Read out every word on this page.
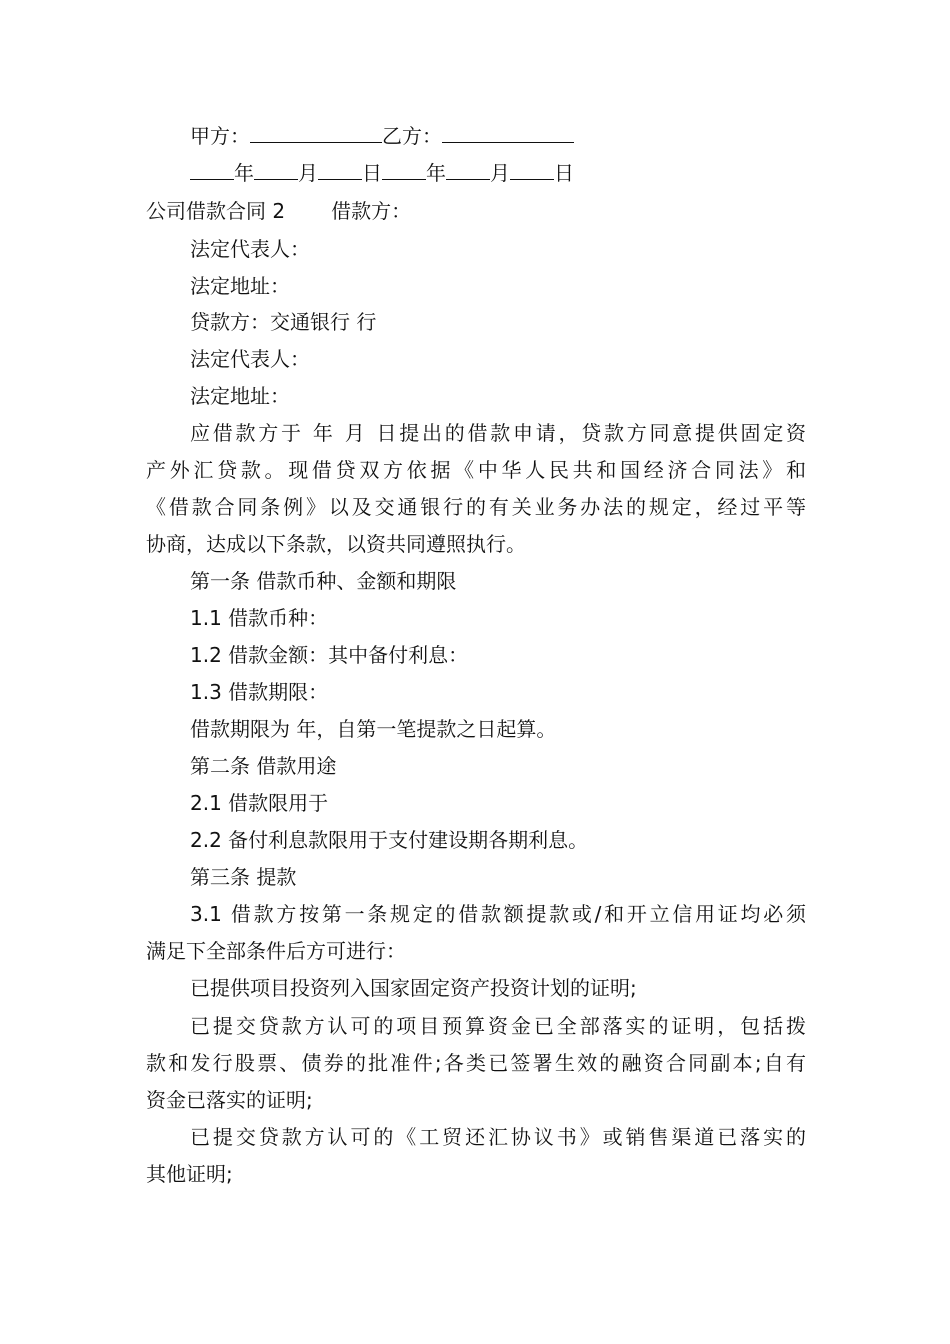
甲方：	乙方：
年 月 日 年 月 日
公司借款合同 2 借款方：
法定代表人：
法定地址：
贷款方：交通银行 行
法定代表人：
法定地址：
应借款方于 年 月 日提出的借款申请，贷款方同意提供固定资
产外汇贷款。现借贷双方依据《中华人民共和国经济合同法》和
《借款合同条例》以及交通银行的有关业务办法的规定，经过平等
协商，达成以下条款，以资共同遵照执行。
第一条 借款币种、金额和期限
1.1 借款币种：
1.2 借款金额：其中备付利息：
1.3 借款期限：
借款期限为 年，自第一笔提款之日起算。
第二条 借款用途
2.1 借款限用于
2.2 备付利息款限用于支付建设期各期利息。
第三条 提款
3.1 借款方按第一条规定的借款额提款或/和开立信用证均必须
满足下全部条件后方可进行：
已提供项目投资列入国家固定资产投资计划的证明;
已提交贷款方认可的项目预算资金已全部落实的证明，包括拨
款和发行股票、债券的批准件;各类已签署生效的融资合同副本;自有
资金已落实的证明;
已提交贷款方认可的《工贸还汇协议书》或销售渠道已落实的
其他证明;
